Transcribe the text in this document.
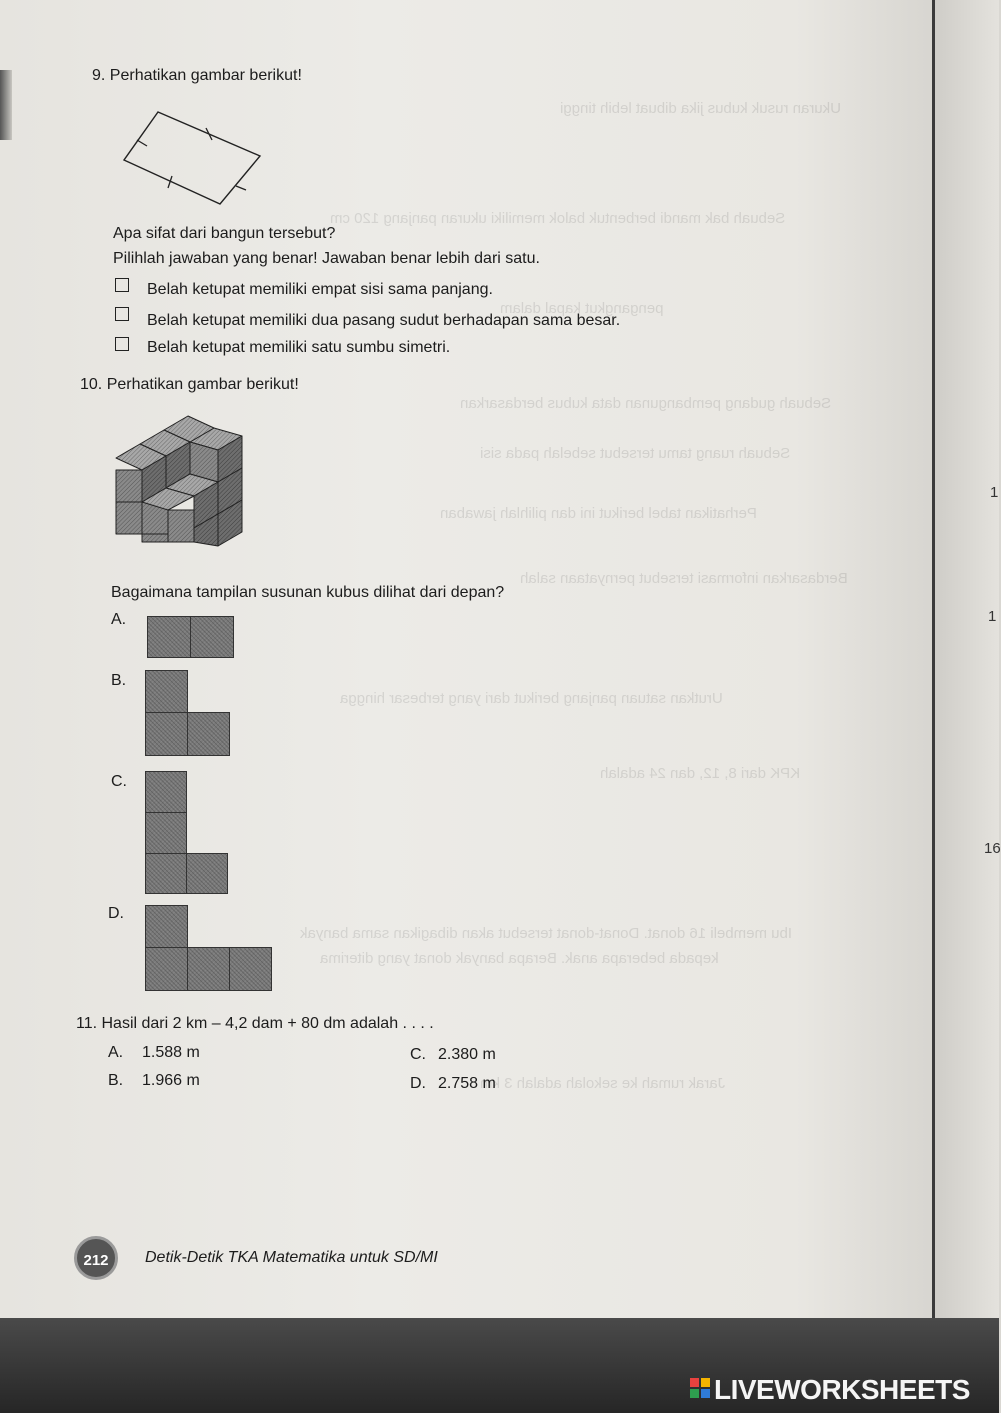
Ukuran rusuk kubus jika dibuat lebih tinggi
Sebuah bak mandi berbentuk balok memiliki ukuran panjang 120 cm
pengangkut kapal dalam
Sebuah gudang pembangunan data kubus berdasarkan
Sebuah ruang tamu tersebut sebelah pada sisi
Perhatikan tabel berikut ini dan pilihlah jawaban
Berdasarkan informasi tersebut pernyataan salah
Urutkan satuan panjang berikut dari yang terbesar hingga
KPK dari 8, 12, dan 24 adalah
Ibu membeli 16 donat. Donat-donat tersebut akan dibagikan sama banyak
kepada beberapa anak. Berapa banyak donat yang diterima
Jarak rumah ke sekolah adalah 3 km
9. Perhatikan gambar berikut!
Apa sifat dari bangun tersebut?
Pilihlah jawaban yang benar! Jawaban benar lebih dari satu.
Belah ketupat memiliki empat sisi sama panjang.
Belah ketupat memiliki dua pasang sudut berhadapan sama besar.
Belah ketupat memiliki satu sumbu simetri.
10. Perhatikan gambar berikut!
Bagaimana tampilan susunan kubus dilihat dari depan?
A.
B.
C.
D.
11. Hasil dari 2 km – 4,2 dam + 80 dm adalah . . . .
A. 1.588 m
B. 1.966 m
C. 2.380 m
D. 2.758 m
212	Detik-Detik TKA Matematika untuk SD/MI
1
1
16
LIVEWORKSHEETS
